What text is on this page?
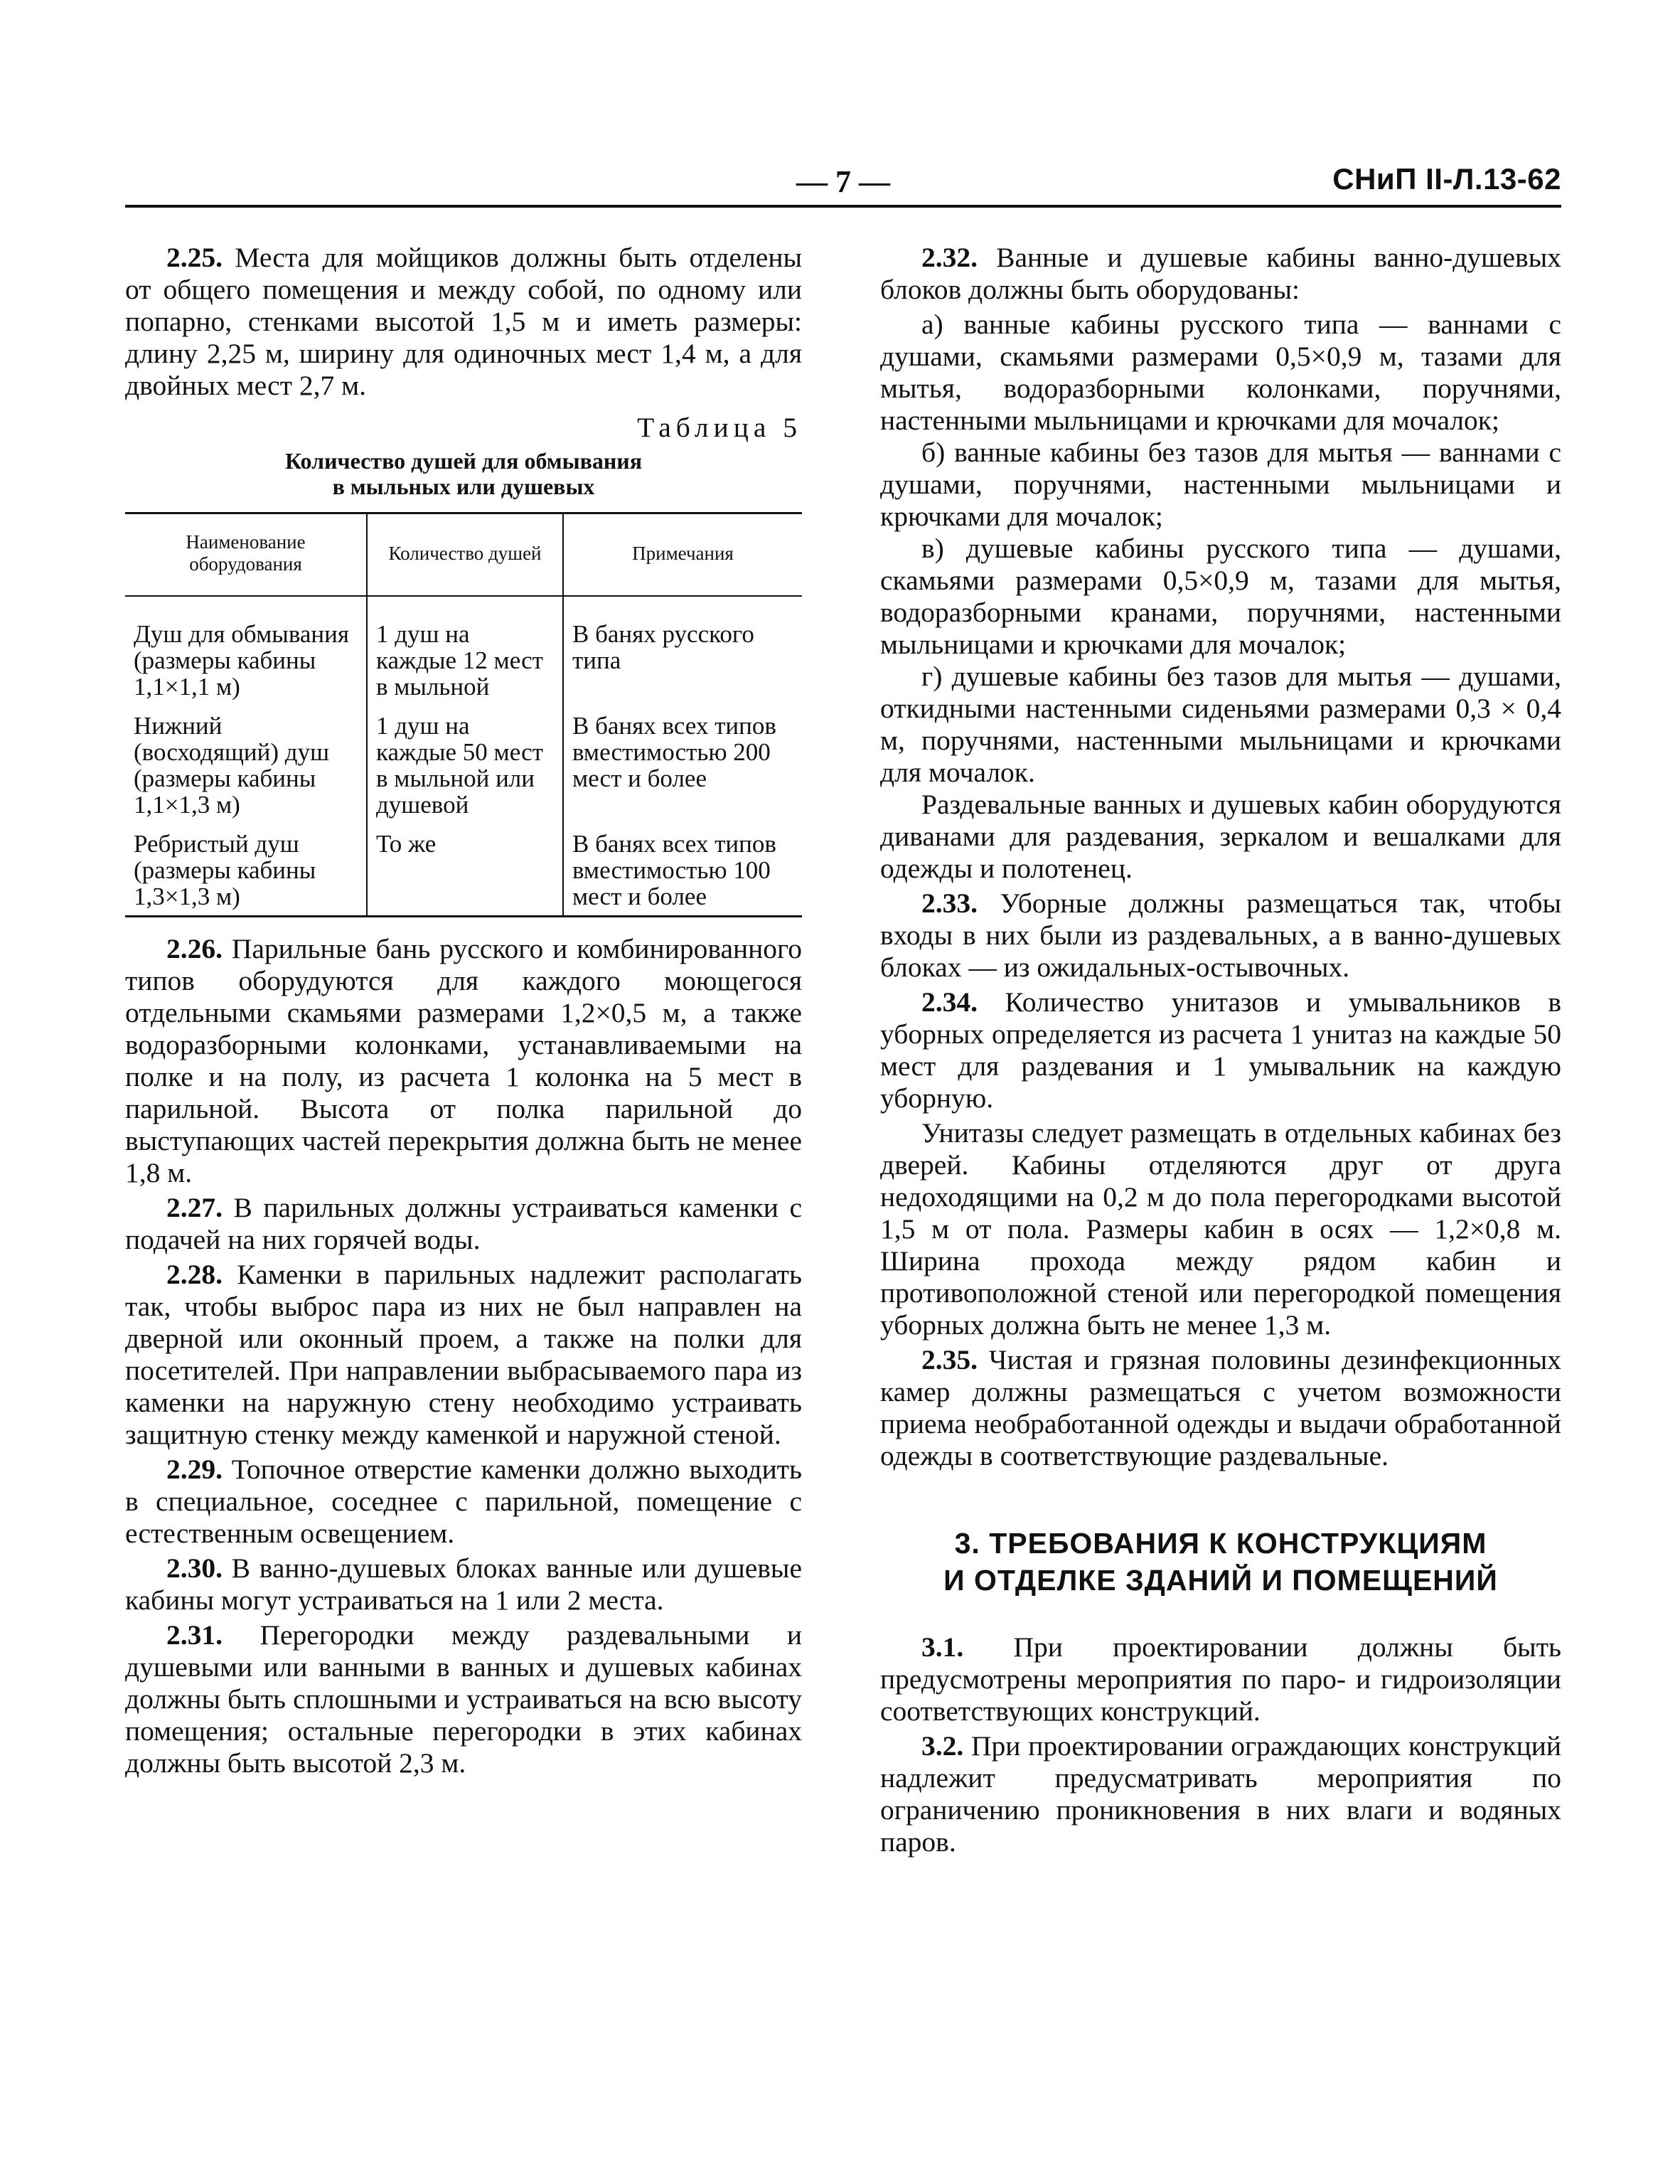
— 7 —	СНиП II-Л.13-62

2.25. Места для мойщиков должны быть отделены от общего помещения и между собой, по одному или попарно, стенками высотой 1,5 м и иметь размеры: длину 2,25 м, ширину для одиночных мест 1,4 м, а для двойных мест 2,7 м.

Таблица 5

Количество душей для обмывания
в мыльных или душевых
Наименование оборудования	Количество душей	Примечания
Душ для обмывания (размеры кабины 1,1×1,1 м)	1 душ на каждые 12 мест в мыльной	В банях русского типа
Нижний (восходящий) душ (размеры кабины 1,1×1,3 м)	1 душ на каждые 50 мест в мыльной или душевой	В банях всех типов вместимостью 200 мест и более
Ребристый душ (размеры кабины 1,3×1,3 м)	То же	В банях всех типов вместимостью 100 мест и более

2.26. Парильные бань русского и комбинированного типов оборудуются для каждого моющегося отдельными скамьями размерами 1,2×0,5 м, а также водоразборными колонками, устанавливаемыми на полке и на полу, из расчета 1 колонка на 5 мест в парильной. Высота от полка парильной до выступающих частей перекрытия должна быть не менее 1,8 м.

2.27. В парильных должны устраиваться каменки с подачей на них горячей воды.

2.28. Каменки в парильных надлежит располагать так, чтобы выброс пара из них не был направлен на дверной или оконный проем, а также на полки для посетителей. При направлении выбрасываемого пара из каменки на наружную стену необходимо устраивать защитную стенку между каменкой и наружной стеной.

2.29. Топочное отверстие каменки должно выходить в специальное, соседнее с парильной, помещение с естественным освещением.

2.30. В ванно-душевых блоках ванные или душевые кабины могут устраиваться на 1 или 2 места.

2.31. Перегородки между раздевальными и душевыми или ванными в ванных и душевых кабинах должны быть сплошными и устраиваться на всю высоту помещения; остальные перегородки в этих кабинах должны быть высотой 2,3 м.

2.32. Ванные и душевые кабины ванно-душевых блоков должны быть оборудованы:

а) ванные кабины русского типа — ваннами с душами, скамьями размерами 0,5×0,9 м, тазами для мытья, водоразборными колонками, поручнями, настенными мыльницами и крючками для мочалок;

б) ванные кабины без тазов для мытья — ваннами с душами, поручнями, настенными мыльницами и крючками для мочалок;

в) душевые кабины русского типа — душами, скамьями размерами 0,5×0,9 м, тазами для мытья, водоразборными кранами, поручнями, настенными мыльницами и крючками для мочалок;

г) душевые кабины без тазов для мытья — душами, откидными настенными сиденьями размерами 0,3 × 0,4 м, поручнями, настенными мыльницами и крючками для мочалок.

Раздевальные ванных и душевых кабин оборудуются диванами для раздевания, зеркалом и вешалками для одежды и полотенец.

2.33. Уборные должны размещаться так, чтобы входы в них были из раздевальных, а в ванно-душевых блоках — из ожидальных-остывочных.

2.34. Количество унитазов и умывальников в уборных определяется из расчета 1 унитаз на каждые 50 мест для раздевания и 1 умывальник на каждую уборную.

Унитазы следует размещать в отдельных кабинах без дверей. Кабины отделяются друг от друга недоходящими на 0,2 м до пола перегородками высотой 1,5 м от пола. Размеры кабин в осях — 1,2×0,8 м. Ширина прохода между рядом кабин и противоположной стеной или перегородкой помещения уборных должна быть не менее 1,3 м.

2.35. Чистая и грязная половины дезинфекционных камер должны размещаться с учетом возможности приема необработанной одежды и выдачи обработанной одежды в соответствующие раздевальные.

3. ТРЕБОВАНИЯ К КОНСТРУКЦИЯМ
И ОТДЕЛКЕ ЗДАНИЙ И ПОМЕЩЕНИЙ

3.1. При проектировании должны быть предусмотрены мероприятия по паро- и гидроизоляции соответствующих конструкций.

3.2. При проектировании ограждающих конструкций надлежит предусматривать мероприятия по ограничению проникновения в них влаги и водяных паров.
